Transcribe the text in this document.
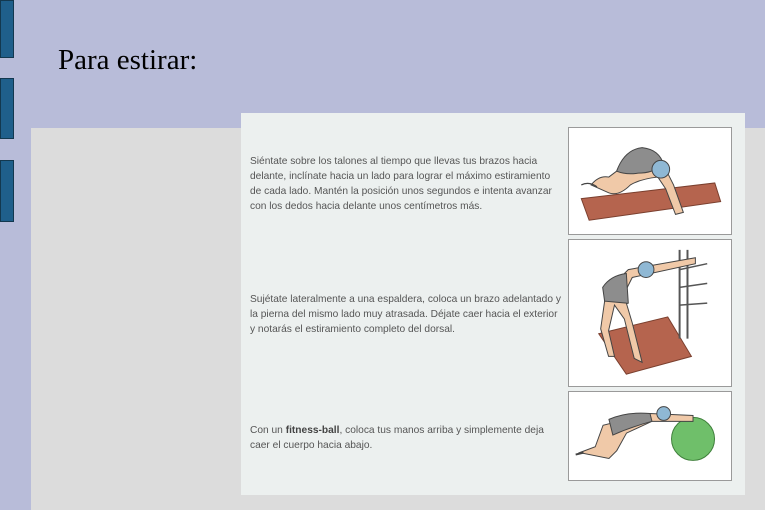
Para estirar:
Siéntate sobre los talones al tiempo que llevas tus brazos hacia delante, inclínate hacia un lado para lograr el máximo estiramiento de cada lado. Mantén la posición unos segundos e intenta avanzar con los dedos hacia delante unos centímetros más.
Sujétate lateralmente a una espaldera, coloca un brazo adelantado y la pierna del mismo lado muy atrasada. Déjate caer hacia el exterior y notarás el estiramiento completo del dorsal.
Con un fitness-ball, coloca tus manos arriba y simplemente deja caer el cuerpo hacia abajo.
